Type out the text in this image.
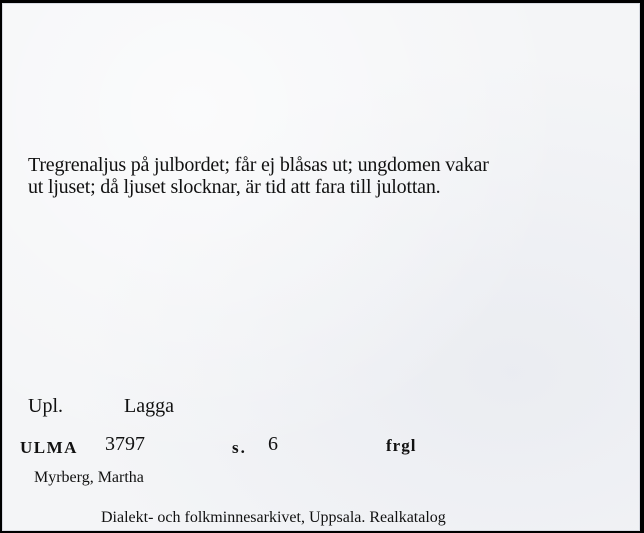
Tregrenaljus på julbordet; får ej blåsas ut; ungdomen vakar
ut ljuset; då ljuset slocknar, är tid att fara till julottan.

Upl.	Lagga
ULMA 3797	s. 6	frgl
Myrberg, Martha
Dialekt- och folkminnesarkivet, Uppsala. Realkatalog
